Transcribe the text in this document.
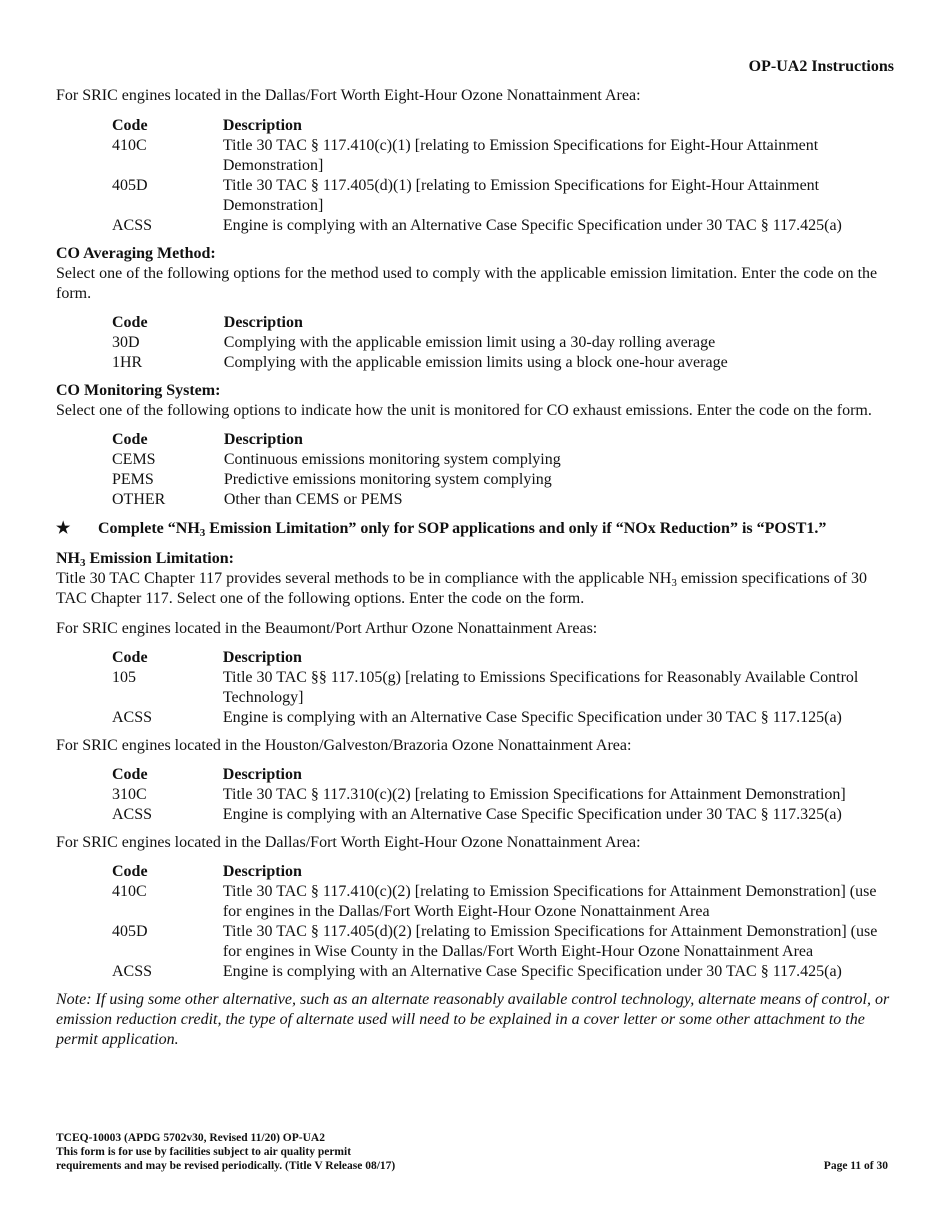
OP-UA2 Instructions

For SRIC engines located in the Dallas/Fort Worth Eight-Hour Ozone Nonattainment Area:

Code	Description
410C	Title 30 TAC § 117.410(c)(1) [relating to Emission Specifications for Eight-Hour Attainment Demonstration]
405D	Title 30 TAC § 117.405(d)(1) [relating to Emission Specifications for Eight-Hour Attainment Demonstration]
ACSS	Engine is complying with an Alternative Case Specific Specification under 30 TAC § 117.425(a)

CO Averaging Method:

Select one of the following options for the method used to comply with the applicable emission limitation. Enter the code on the form.

Code	Description
30D	Complying with the applicable emission limit using a 30-day rolling average
1HR	Complying with the applicable emission limits using a block one-hour average

CO Monitoring System:

Select one of the following options to indicate how the unit is monitored for CO exhaust emissions. Enter the code on the form.

Code	Description
CEMS	Continuous emissions monitoring system complying
PEMS	Predictive emissions monitoring system complying
OTHER	Other than CEMS or PEMS

★ Complete “$NH_3$ Emission Limitation” only for SOP applications and only if “NOx Reduction” is “POST1.”

$NH_3$ Emission Limitation:

Title 30 TAC Chapter 117 provides several methods to be in compliance with the applicable $NH_3$ emission specifications of 30 TAC Chapter 117. Select one of the following options. Enter the code on the form.

For SRIC engines located in the Beaumont/Port Arthur Ozone Nonattainment Areas:

Code	Description
105	Title 30 TAC §§ 117.105(g) [relating to Emissions Specifications for Reasonably Available Control Technology]
ACSS	Engine is complying with an Alternative Case Specific Specification under 30 TAC § 117.125(a)

For SRIC engines located in the Houston/Galveston/Brazoria Ozone Nonattainment Area:

Code	Description
310C	Title 30 TAC § 117.310(c)(2) [relating to Emission Specifications for Attainment Demonstration]
ACSS	Engine is complying with an Alternative Case Specific Specification under 30 TAC § 117.325(a)

For SRIC engines located in the Dallas/Fort Worth Eight-Hour Ozone Nonattainment Area:

Code	Description
410C	Title 30 TAC § 117.410(c)(2) [relating to Emission Specifications for Attainment Demonstration] (use for engines in the Dallas/Fort Worth Eight-Hour Ozone Nonattainment Area
405D	Title 30 TAC § 117.405(d)(2) [relating to Emission Specifications for Attainment Demonstration] (use for engines in Wise County in the Dallas/Fort Worth Eight-Hour Ozone Nonattainment Area
ACSS	Engine is complying with an Alternative Case Specific Specification under 30 TAC § 117.425(a)

Note: If using some other alternative, such as an alternate reasonably available control technology, alternate means of control, or emission reduction credit, the type of alternate used will need to be explained in a cover letter or some other attachment to the permit application.

TCEQ-10003 (APDG 5702v30, Revised 11/20) OP-UA2
This form is for use by facilities subject to air quality permit
requirements and may be revised periodically. (Title V Release 08/17)	Page 11 of 30
